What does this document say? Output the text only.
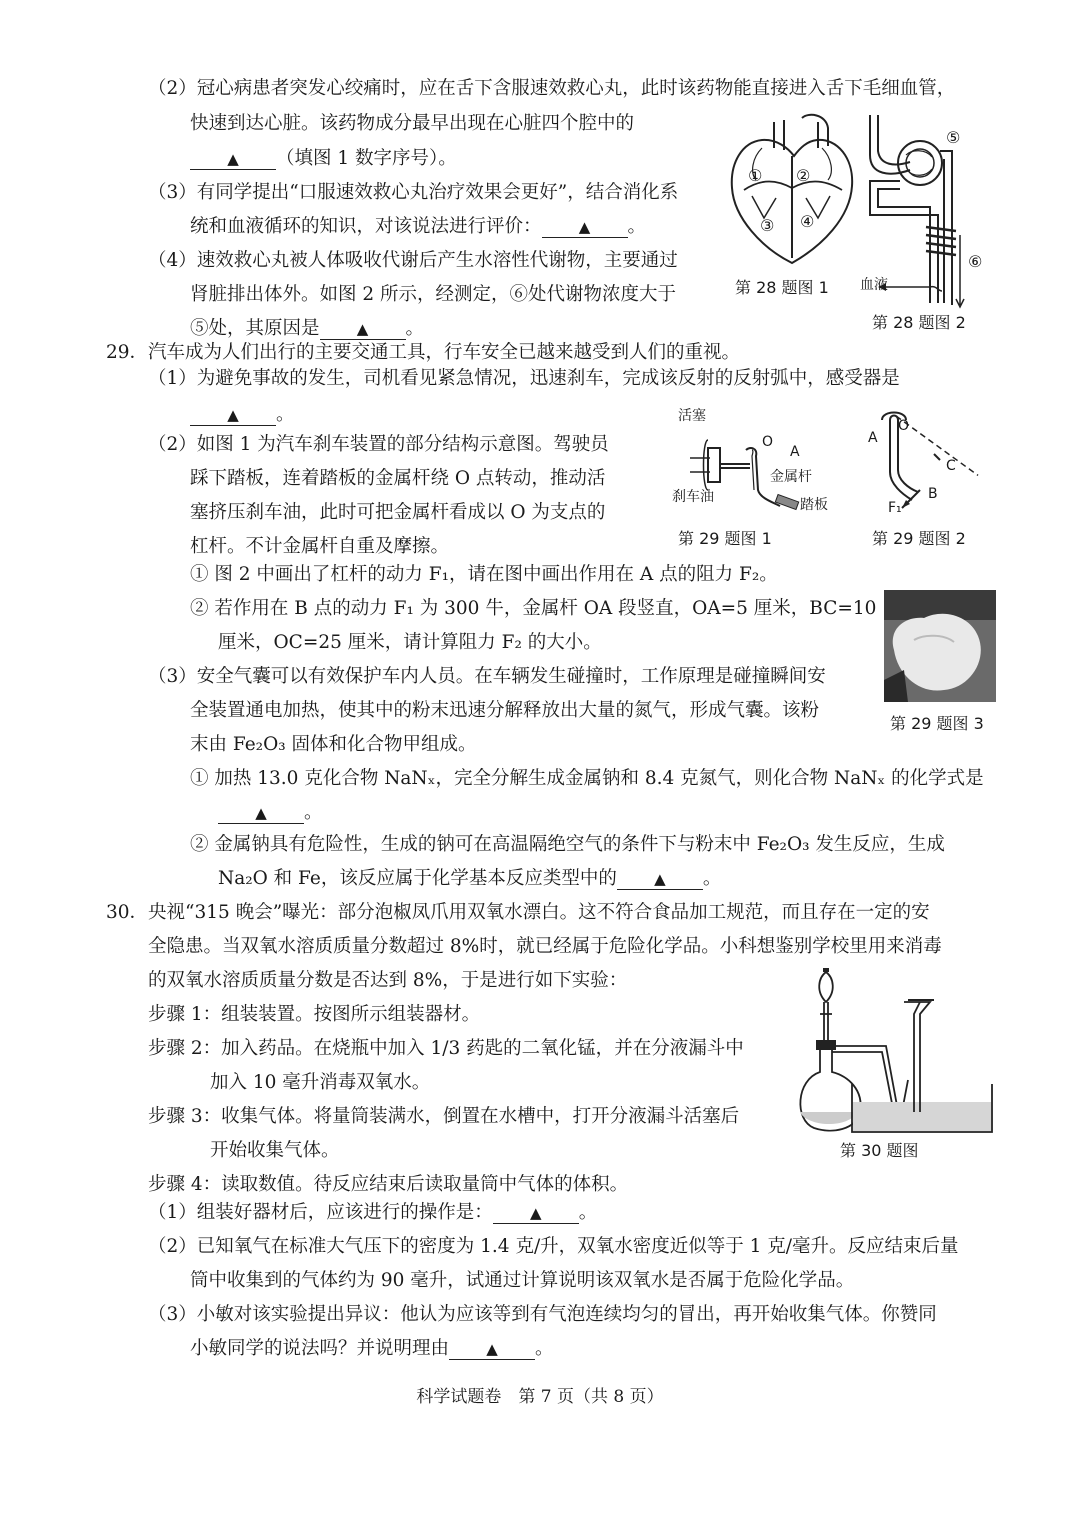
（2）冠心病患者突发心绞痛时，应在舌下含服速效救心丸，此时该药物能直接进入舌下毛细血管，
快速到达心脏。该药物成分最早出现在心脏四个腔中的
▲ （填图 1 数字序号）。
（3）有同学提出“口服速效救心丸治疗效果会更好”，结合消化系
统和血液循环的知识，对该说法进行评价： ▲ 。
（4）速效救心丸被人体吸收代谢后产生水溶性代谢物，主要通过
肾脏排出体外。如图 2 所示，经测定，⑥处代谢物浓度大于
⑤处，其原因是 ▲ 。
① ②
③ ④
第 28 题图 1
⑤
⑥
血液
第 28 题图 2
29．汽车成为人们出行的主要交通工具，行车安全已越来越受到人们的重视。
（1）为避免事故的发生，司机看见紧急情况，迅速刹车，完成该反射的反射弧中，感受器是
▲ 。
（2）如图 1 为汽车刹车装置的部分结构示意图。驾驶员
踩下踏板，连着踏板的金属杆绕 O 点转动，推动活
塞挤压刹车油，此时可把金属杆看成以 O 为支点的
杠杆。不计金属杆自重及摩擦。
活塞
刹车油
O
A
金属杆
踏板
第 29 题图 1
A
O
C
B
F₁
第 29 题图 2
① 图 2 中画出了杠杆的动力 F₁，请在图中画出作用在 A 点的阻力 F₂。
② 若作用在 B 点的动力 F₁ 为 300 牛，金属杆 OA 段竖直，OA=5 厘米，BC=10
厘米，OC=25 厘米，请计算阻力 F₂ 的大小。
第 29 题图 3
（3）安全气囊可以有效保护车内人员。在车辆发生碰撞时，工作原理是碰撞瞬间安
全装置通电加热，使其中的粉末迅速分解释放出大量的氮气，形成气囊。该粉
末由 Fe₂O₃ 固体和化合物甲组成。
① 加热 13.0 克化合物 NaNₓ，完全分解生成金属钠和 8.4 克氮气，则化合物 NaNₓ 的化学式是
▲ 。
② 金属钠具有危险性，生成的钠可在高温隔绝空气的条件下与粉末中 Fe₂O₃ 发生反应，生成
Na₂O 和 Fe，该反应属于化学基本反应类型中的 ▲ 。
30．央视“315 晚会”曝光：部分泡椒凤爪用双氧水漂白。这不符合食品加工规范，而且存在一定的安
全隐患。当双氧水溶质质量分数超过 8%时，就已经属于危险化学品。小科想鉴别学校里用来消毒
的双氧水溶质质量分数是否达到 8%，于是进行如下实验：
步骤 1：组装装置。按图所示组装器材。
步骤 2：加入药品。在烧瓶中加入 1/3 药匙的二氧化锰，并在分液漏斗中
加入 10 毫升消毒双氧水。
步骤 3：收集气体。将量筒装满水，倒置在水槽中，打开分液漏斗活塞后
开始收集气体。
步骤 4：读取数值。待反应结束后读取量筒中气体的体积。
第 30 题图
（1）组装好器材后，应该进行的操作是： ▲ 。
（2）已知氧气在标准大气压下的密度为 1.4 克/升，双氧水密度近似等于 1 克/毫升。反应结束后量
筒中收集到的气体约为 90 毫升，试通过计算说明该双氧水是否属于危险化学品。
（3）小敏对该实验提出异议：他认为应该等到有气泡连续均匀的冒出，再开始收集气体。你赞同
小敏同学的说法吗？并说明理由 ▲ 。
科学试题卷　第 7 页（共 8 页）
